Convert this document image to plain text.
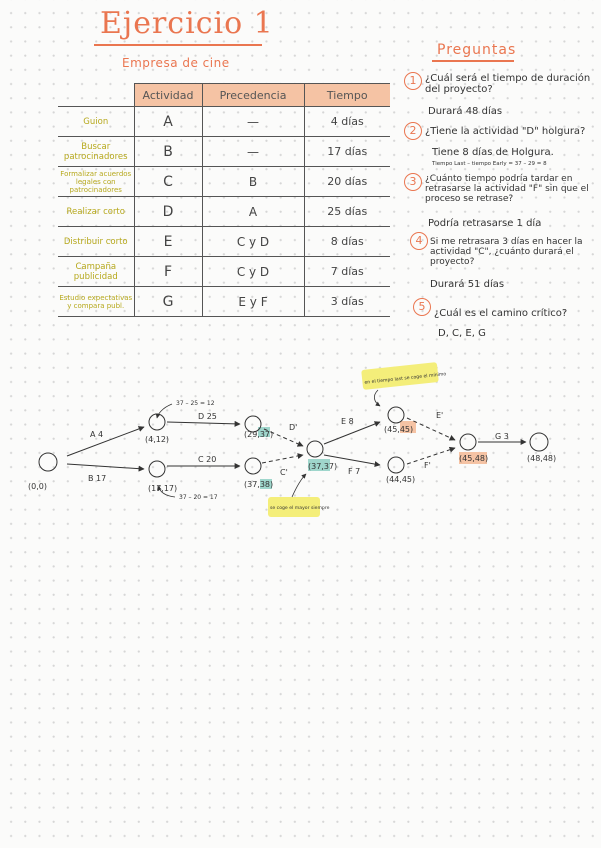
Ejercicio 1
Empresa de cine
Preguntas
	Actividad	Precedencia	Tiempo
Guion	A	—	4 días
Buscar patrocinadores	B	—	17 días
Formalizar acuerdos legales con patrocinadores	C	B	20 días
Realizar corto	D	A	25 días
Distribuir corto	E	C y D	8 días
Campaña publicidad	F	C y D	7 días
Estudio expectativas y compara publ.	G	E y F	3 días
1 ¿Cuál será el tiempo de duración del proyecto?
Durará 48 días
2 ¿Tiene la actividad "D" holgura?
Tiene 8 días de Holgura.
Tiempo Last – tiempo Early = 37 – 29 = 8
3 ¿Cuánto tiempo podría tardar en retrasarse la actividad "F" sin que el proceso se retrase?
Podría retrasarse 1 día
4 Si me retrasara 3 días en hacer la actividad "C", ¿cuánto durará el proyecto?
Durará 51 días
5
¿Cuál es el camino crítico?
D, C, E, G
(0,0)
(4,12)
(17,17)
(29,37)
(37,37)
(37,38)
(45,45)
(44,45)
(45,48)	(48,48)
A 4
B 17
D 25
C 20
D'
C'
E 8
F 7
E'
F'
G 3
37 – 25 = 12
37 – 20 = 17
en el tiempo last se coge el mínimo
se coge el mayor siempre
